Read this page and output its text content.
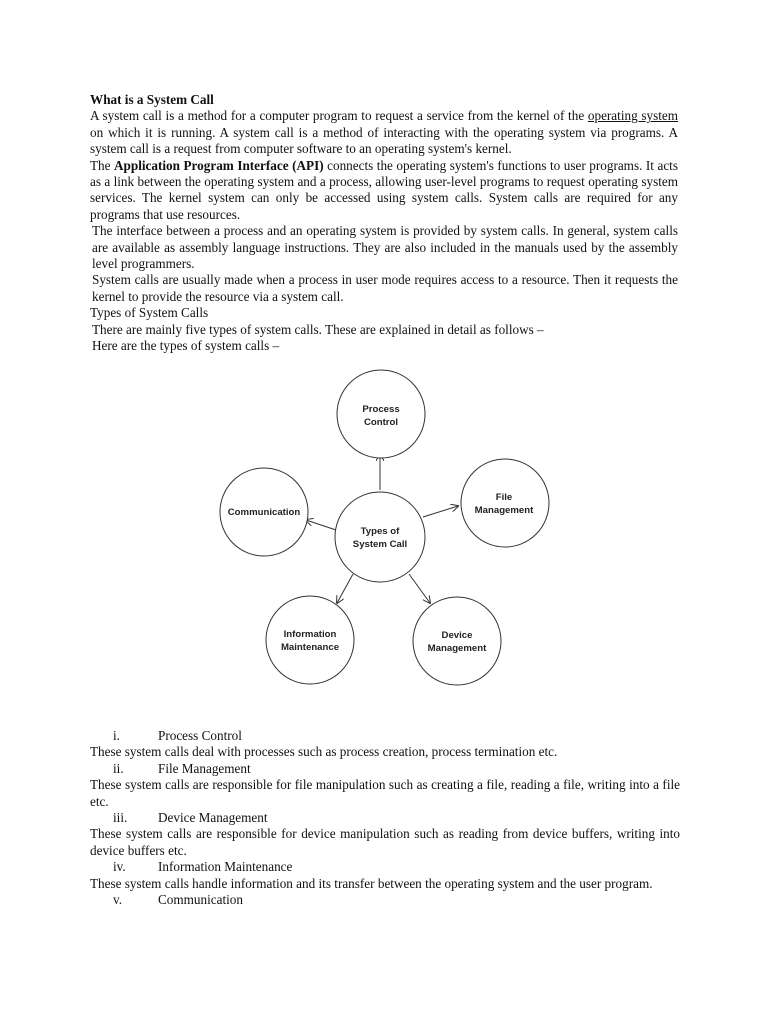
What is a System Call

A system call is a method for a computer program to request a service from the kernel of the operating system on which it is running. A system call is a method of interacting with the operating system via programs. A system call is a request from computer software to an operating system's kernel.

The Application Program Interface (API) connects the operating system's functions to user programs. It acts as a link between the operating system and a process, allowing user-level programs to request operating system services. The kernel system can only be accessed using system calls. System calls are required for any programs that use resources.

The interface between a process and an operating system is provided by system calls. In general, system calls are available as assembly language instructions. They are also included in the manuals used by the assembly level programmers.

System calls are usually made when a process in user mode requires access to a resource. Then it requests the kernel to provide the resource via a system call.

Types of System Calls

There are mainly five types of system calls. These are explained in detail as follows –

Here are the types of system calls –

Process
Control
File
Management
Communication
Types of
System Call
Information
Maintenance
Device
Management
i.	Process Control

These system calls deal with processes such as process creation, process termination etc.

ii.	File Management

These system calls are responsible for file manipulation such as creating a file, reading a file, writing into a file etc.

iii. Device Management

These system calls are responsible for device manipulation such as reading from device buffers, writing into device buffers etc.

iv. Information Maintenance

These system calls handle information and its transfer between the operating system and the user program.

v.	Communication
